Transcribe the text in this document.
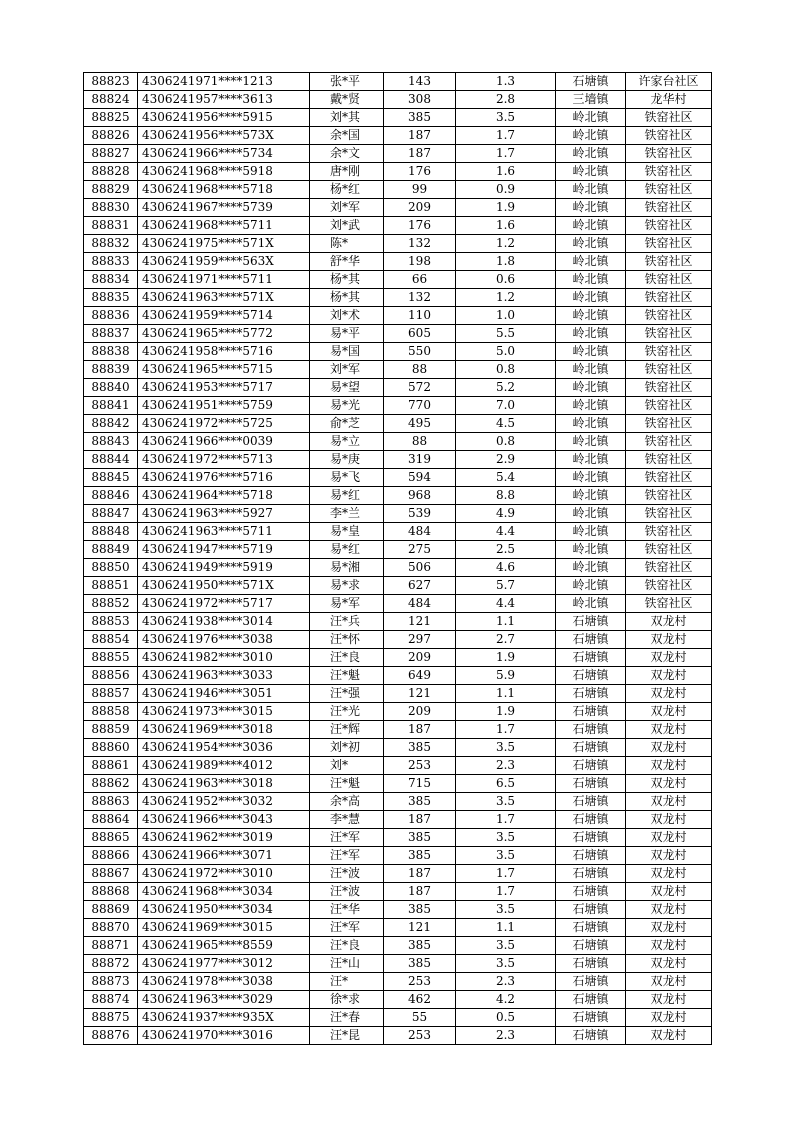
88823	4306241971****1213	张*平	143	1.3	石塘镇	许家台社区
88824	4306241957****3613	戴*贤	308	2.8	三墙镇	龙华村
88825	4306241956****5915	刘*其	385	3.5	岭北镇	铁窑社区
88826	4306241956****573X	余*国	187	1.7	岭北镇	铁窑社区
88827	4306241966****5734	余*文	187	1.7	岭北镇	铁窑社区
88828	4306241968****5918	唐*刚	176	1.6	岭北镇	铁窑社区
88829	4306241968****5718	杨*红	99	0.9	岭北镇	铁窑社区
88830	4306241967****5739	刘*军	209	1.9	岭北镇	铁窑社区
88831	4306241968****5711	刘*武	176	1.6	岭北镇	铁窑社区
88832	4306241975****571X	陈*	132	1.2	岭北镇	铁窑社区
88833	4306241959****563X	舒*华	198	1.8	岭北镇	铁窑社区
88834	4306241971****5711	杨*其	66	0.6	岭北镇	铁窑社区
88835	4306241963****571X	杨*其	132	1.2	岭北镇	铁窑社区
88836	4306241959****5714	刘*术	110	1.0	岭北镇	铁窑社区
88837	4306241965****5772	易*平	605	5.5	岭北镇	铁窑社区
88838	4306241958****5716	易*国	550	5.0	岭北镇	铁窑社区
88839	4306241965****5715	刘*军	88	0.8	岭北镇	铁窑社区
88840	4306241953****5717	易*望	572	5.2	岭北镇	铁窑社区
88841	4306241951****5759	易*光	770	7.0	岭北镇	铁窑社区
88842	4306241972****5725	俞*芝	495	4.5	岭北镇	铁窑社区
88843	4306241966****0039	易*立	88	0.8	岭北镇	铁窑社区
88844	4306241972****5713	易*庚	319	2.9	岭北镇	铁窑社区
88845	4306241976****5716	易*飞	594	5.4	岭北镇	铁窑社区
88846	4306241964****5718	易*红	968	8.8	岭北镇	铁窑社区
88847	4306241963****5927	李*兰	539	4.9	岭北镇	铁窑社区
88848	4306241963****5711	易*皇	484	4.4	岭北镇	铁窑社区
88849	4306241947****5719	易*红	275	2.5	岭北镇	铁窑社区
88850	4306241949****5919	易*湘	506	4.6	岭北镇	铁窑社区
88851	4306241950****571X	易*求	627	5.7	岭北镇	铁窑社区
88852	4306241972****5717	易*军	484	4.4	岭北镇	铁窑社区
88853	4306241938****3014	汪*兵	121	1.1	石塘镇	双龙村
88854	4306241976****3038	汪*怀	297	2.7	石塘镇	双龙村
88855	4306241982****3010	汪*良	209	1.9	石塘镇	双龙村
88856	4306241963****3033	汪*魁	649	5.9	石塘镇	双龙村
88857	4306241946****3051	汪*强	121	1.1	石塘镇	双龙村
88858	4306241973****3015	汪*光	209	1.9	石塘镇	双龙村
88859	4306241969****3018	汪*辉	187	1.7	石塘镇	双龙村
88860	4306241954****3036	刘*初	385	3.5	石塘镇	双龙村
88861	4306241989****4012	刘*	253	2.3	石塘镇	双龙村
88862	4306241963****3018	汪*魁	715	6.5	石塘镇	双龙村
88863	4306241952****3032	余*高	385	3.5	石塘镇	双龙村
88864	4306241966****3043	李*慧	187	1.7	石塘镇	双龙村
88865	4306241962****3019	汪*军	385	3.5	石塘镇	双龙村
88866	4306241966****3071	汪*军	385	3.5	石塘镇	双龙村
88867	4306241972****3010	汪*波	187	1.7	石塘镇	双龙村
88868	4306241968****3034	汪*波	187	1.7	石塘镇	双龙村
88869	4306241950****3034	汪*华	385	3.5	石塘镇	双龙村
88870	4306241969****3015	汪*军	121	1.1	石塘镇	双龙村
88871	4306241965****8559	汪*良	385	3.5	石塘镇	双龙村
88872	4306241977****3012	汪*山	385	3.5	石塘镇	双龙村
88873	4306241978****3038	汪*	253	2.3	石塘镇	双龙村
88874	4306241963****3029	徐*求	462	4.2	石塘镇	双龙村
88875	4306241937****935X	汪*春	55	0.5	石塘镇	双龙村
88876	4306241970****3016	汪*昆	253	2.3	石塘镇	双龙村
